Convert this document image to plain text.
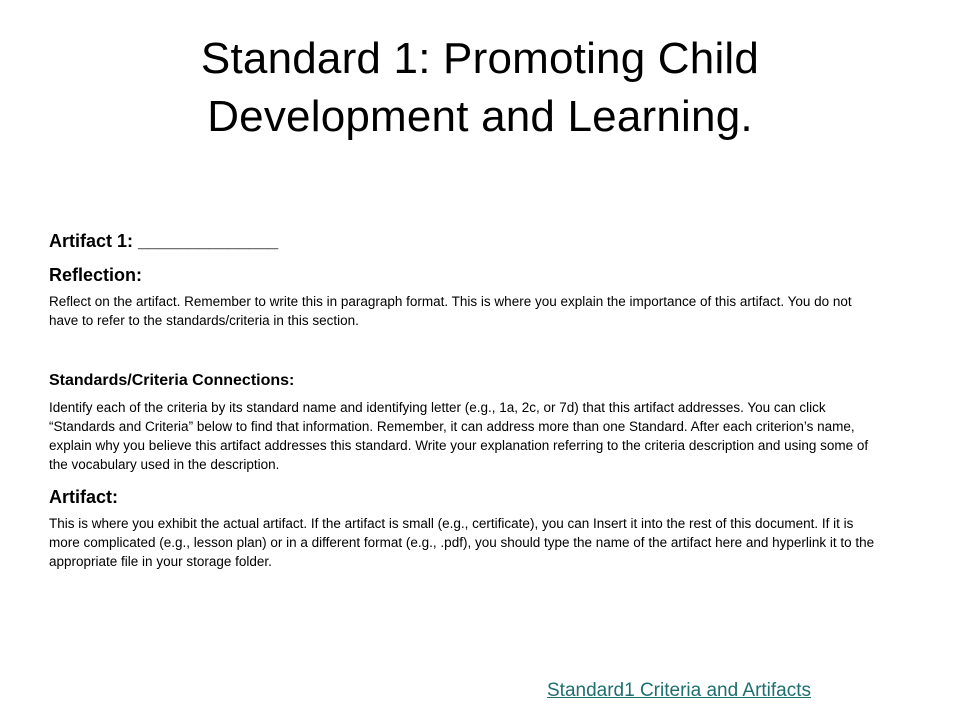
Standard 1: Promoting Child
Development and Learning.

Artifact 1: ______________

Reflection:

Reflect on the artifact. Remember to write this in paragraph format. This is where you explain the importance of this artifact. You do not have to refer to the standards/criteria in this section.

Standards/Criteria Connections:

Identify each of the criteria by its standard name and identifying letter (e.g., 1a, 2c, or 7d) that this artifact addresses. You can click “Standards and Criteria” below to find that information. Remember, it can address more than one Standard. After each criterion’s name, explain why you believe this artifact addresses this standard. Write your explanation referring to the criteria description and using some of the vocabulary used in the description.

Artifact:

This is where you exhibit the actual artifact. If the artifact is small (e.g., certificate), you can Insert it into the rest of this document. If it is more complicated (e.g., lesson plan) or in a different format (e.g., .pdf), you should type the name of the artifact here and hyperlink it to the appropriate file in your storage folder.

Standard1 Criteria and Artifacts
